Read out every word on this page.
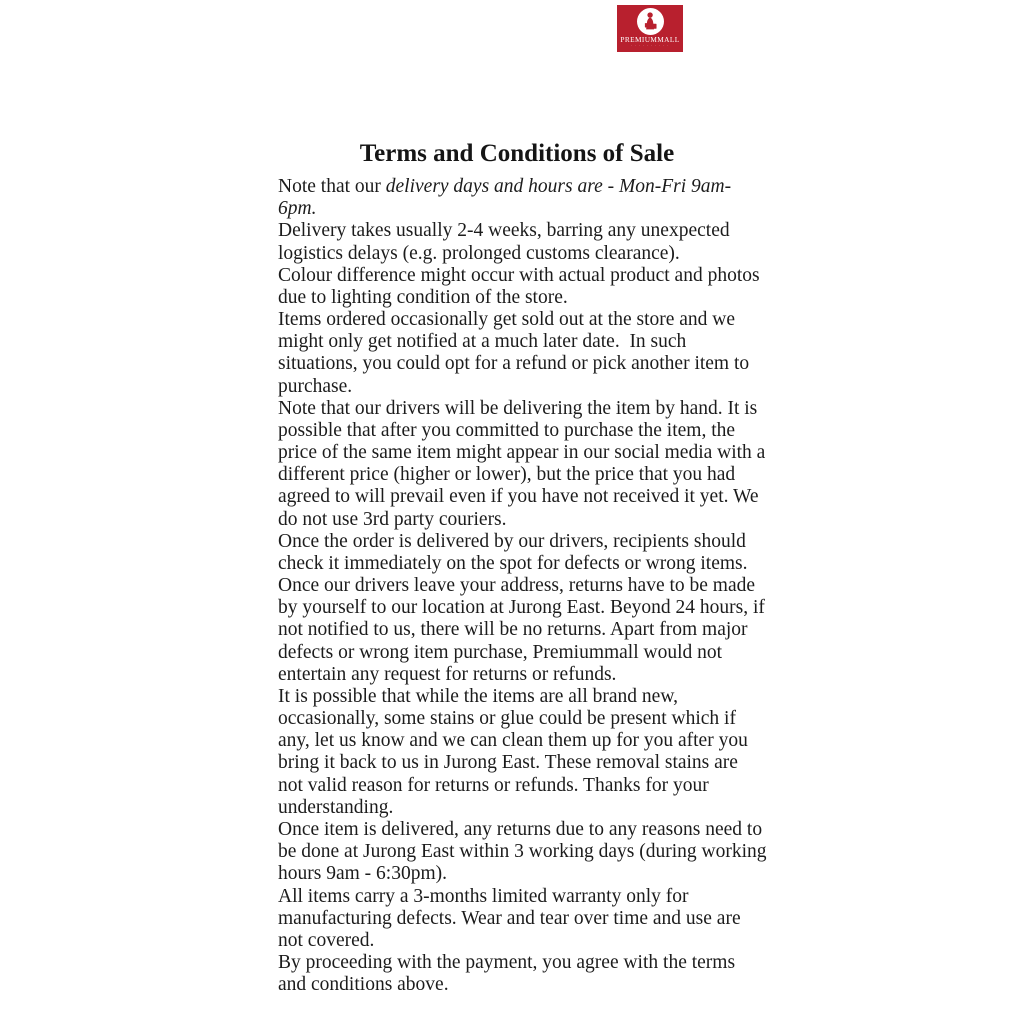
PREMIUMMALL
· · · · · · · · · ·
Terms and Conditions of Sale
Note that our delivery days and hours are - Mon-Fri 9am-
6pm.
Delivery takes usually 2-4 weeks, barring any unexpected
logistics delays (e.g. prolonged customs clearance).
Colour difference might occur with actual product and photos
due to lighting condition of the store.
Items ordered occasionally get sold out at the store and we
might only get notified at a much later date.  In such
situations, you could opt for a refund or pick another item to
purchase.
Note that our drivers will be delivering the item by hand. It is
possible that after you committed to purchase the item, the
price of the same item might appear in our social media with a
different price (higher or lower), but the price that you had
agreed to will prevail even if you have not received it yet. We
do not use 3rd party couriers.
Once the order is delivered by our drivers, recipients should
check it immediately on the spot for defects or wrong items.
Once our drivers leave your address, returns have to be made
by yourself to our location at Jurong East. Beyond 24 hours, if
not notified to us, there will be no returns. Apart from major
defects or wrong item purchase, Premiummall would not
entertain any request for returns or refunds.
It is possible that while the items are all brand new,
occasionally, some stains or glue could be present which if
any, let us know and we can clean them up for you after you
bring it back to us in Jurong East. These removal stains are
not valid reason for returns or refunds. Thanks for your
understanding.
Once item is delivered, any returns due to any reasons need to
be done at Jurong East within 3 working days (during working
hours 9am - 6:30pm).
All items carry a 3-months limited warranty only for
manufacturing defects. Wear and tear over time and use are
not covered.
By proceeding with the payment, you agree with the terms
and conditions above.
